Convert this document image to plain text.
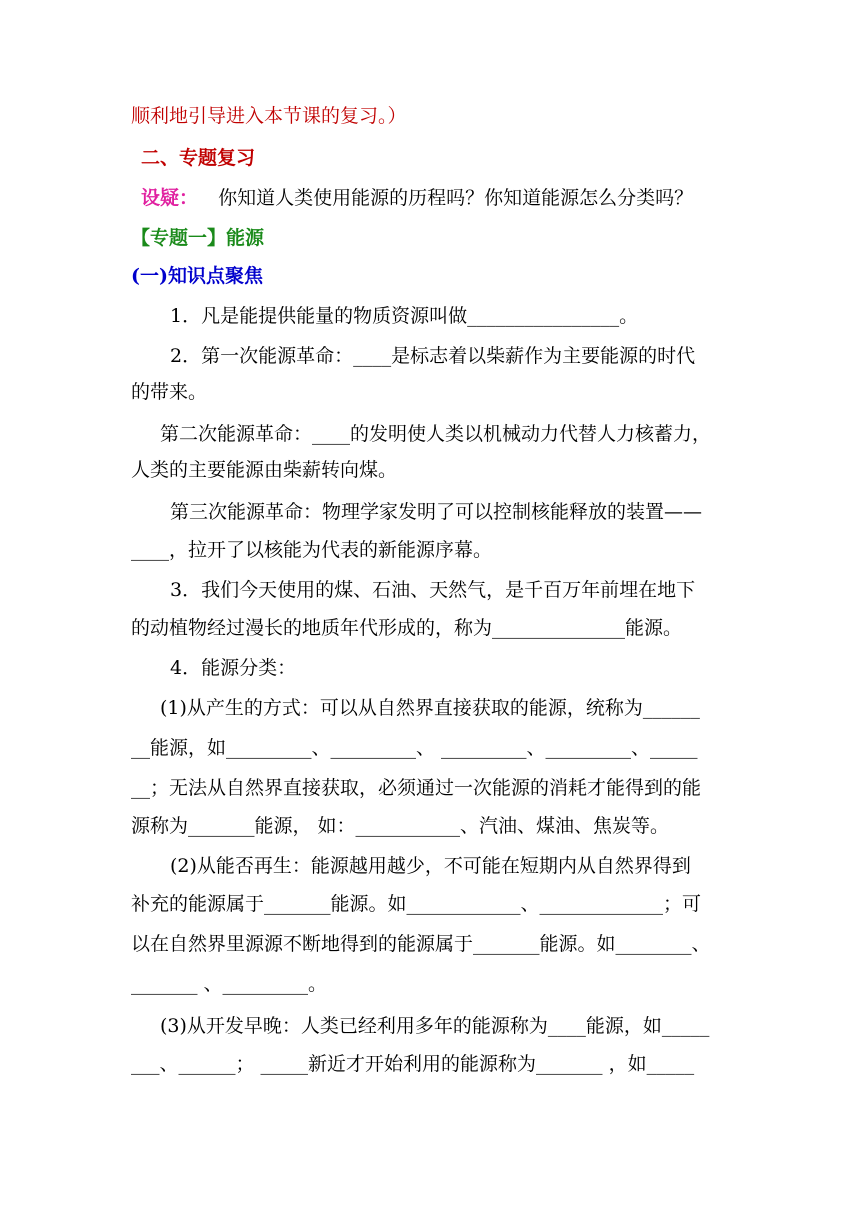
顺利地引导进入本节课的复习。）
二、专题复习
设疑： 你知道人类使用能源的历程吗？你知道能源怎么分类吗？
【专题一】能源
(一)知识点聚焦
1．凡是能提供能量的物质资源叫做________________。
2．第一次能源革命：____是标志着以柴薪作为主要能源的时代
的带来。
第二次能源革命：____的发明使人类以机械动力代替人力核蓄力，
人类的主要能源由柴薪转向煤。
第三次能源革命：物理学家发明了可以控制核能释放的装置——
____，拉开了以核能为代表的新能源序幕。
3．我们今天使用的煤、石油、天然气，是千百万年前埋在地下
的动植物经过漫长的地质年代形成的，称为______________能源。
4．能源分类：
(1)从产生的方式：可以从自然界直接获取的能源，统称为______
__能源，如_________、_________、 _________、_________、_____
__；无法从自然界直接获取，必须通过一次能源的消耗才能得到的能
源称为_______能源， 如：___________、汽油、煤油、焦炭等。
(2)从能否再生：能源越用越少，不可能在短期内从自然界得到
补充的能源属于_______能源。如____________、_____________；可
以在自然界里源源不断地得到的能源属于_______能源。如________、
_______ 、_________。
(3)从开发早晚：人类已经利用多年的能源称为____能源，如_____
___、______； _____新近才开始利用的能源称为_______ ，如_____
